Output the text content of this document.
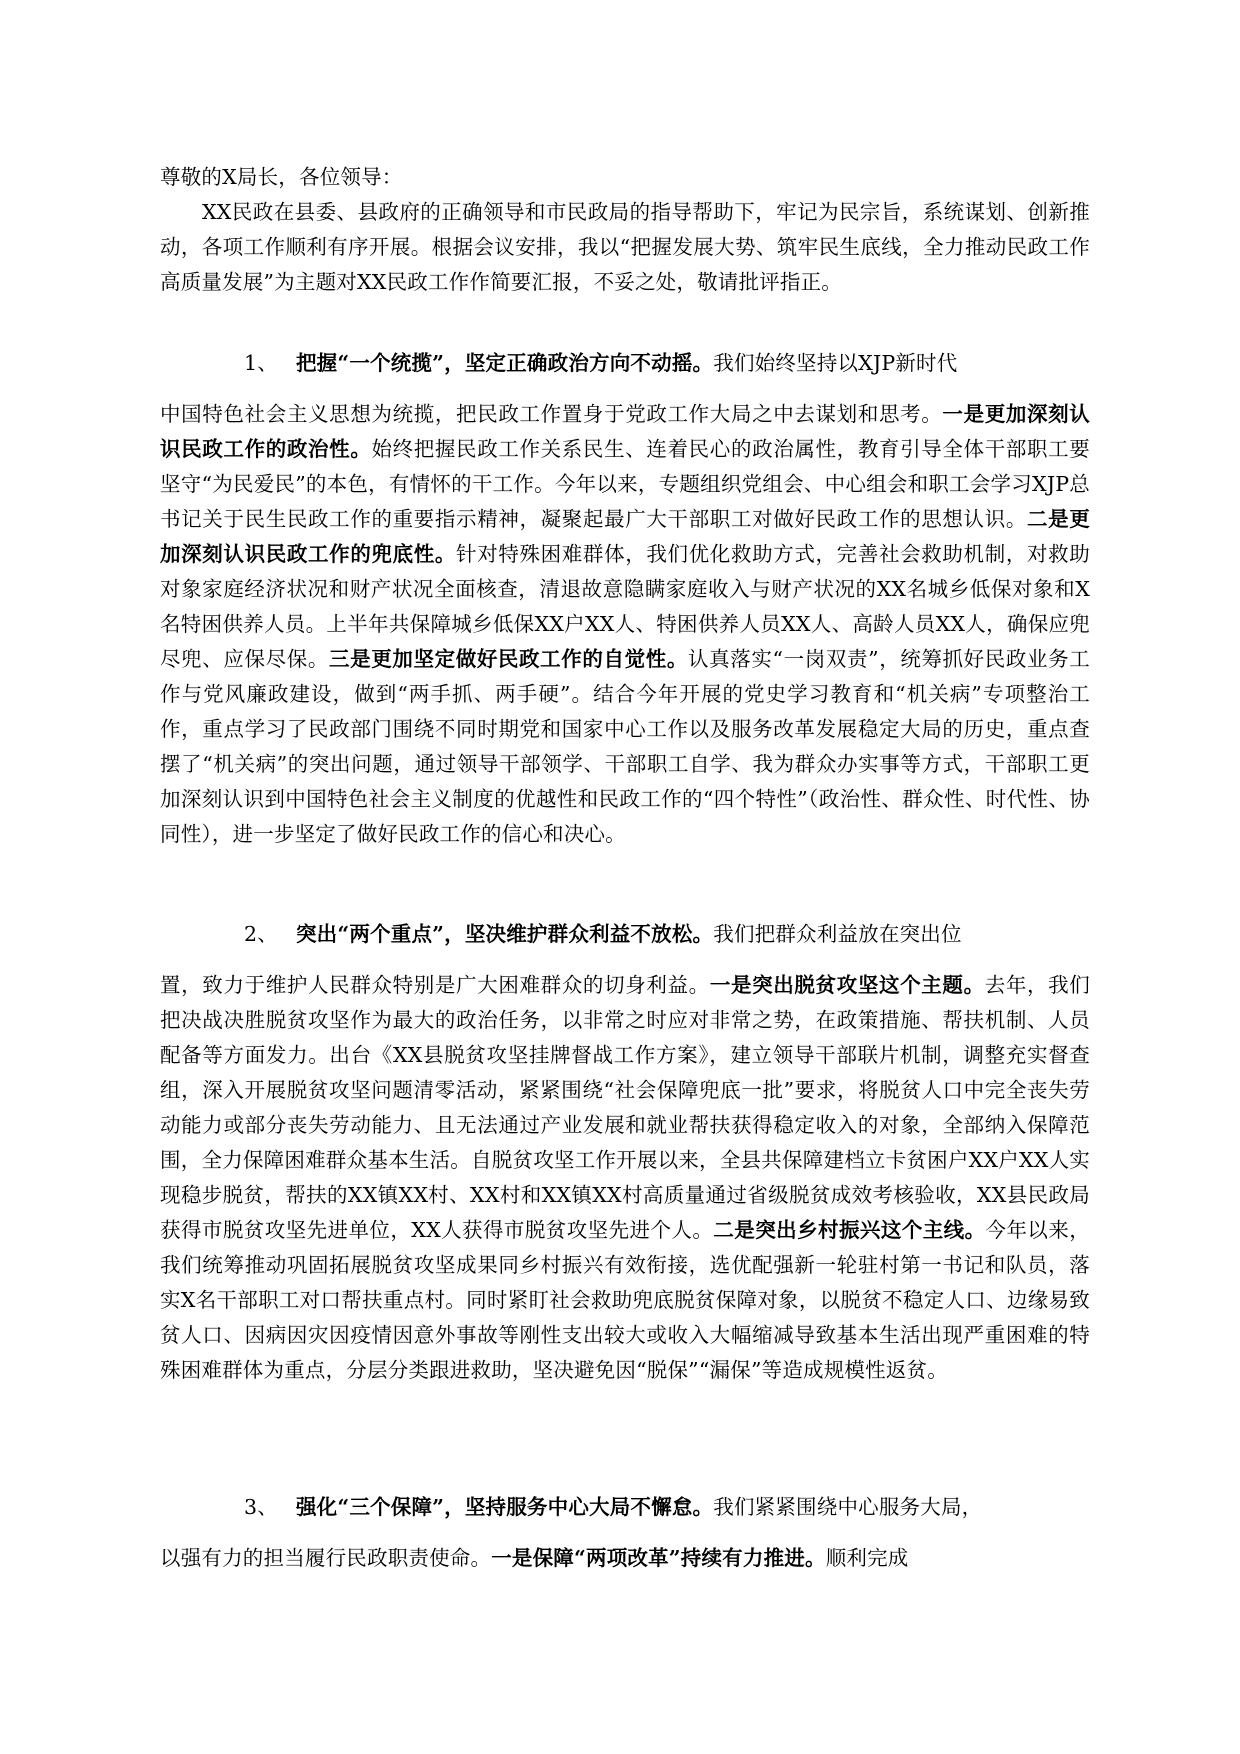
尊敬的X局长，各位领导：
XX民政在县委、县政府的正确领导和市民政局的指导帮助下，牢记为民宗旨，系统谋划、创新推动，各项工作顺利有序开展。根据会议安排，我以“把握发展大势、筑牢民生底线，全力推动民政工作高质量发展”为主题对XX民政工作作简要汇报，不妥之处，敬请批评指正。
1、 把握“一个统揽”，坚定正确政治方向不动摇。我们始终坚持以XJP新时代
中国特色社会主义思想为统揽，把民政工作置身于党政工作大局之中去谋划和思考。一是更加深刻认识民政工作的政治性。始终把握民政工作关系民生、连着民心的政治属性，教育引导全体干部职工要坚守“为民爱民”的本色，有情怀的干工作。今年以来，专题组织党组会、中心组会和职工会学习XJP总书记关于民生民政工作的重要指示精神，凝聚起最广大干部职工对做好民政工作的思想认识。二是更加深刻认识民政工作的兜底性。针对特殊困难群体，我们优化救助方式，完善社会救助机制，对救助对象家庭经济状况和财产状况全面核查，清退故意隐瞒家庭收入与财产状况的XX名城乡低保对象和X名特困供养人员。上半年共保障城乡低保XX户XX人、特困供养人员XX人、高龄人员XX人，确保应兜尽兜、应保尽保。三是更加坚定做好民政工作的自觉性。认真落实“一岗双责”，统筹抓好民政业务工作与党风廉政建设，做到“两手抓、两手硬”。结合今年开展的党史学习教育和“机关病”专项整治工作，重点学习了民政部门围绕不同时期党和国家中心工作以及服务改革发展稳定大局的历史，重点查摆了“机关病”的突出问题，通过领导干部领学、干部职工自学、我为群众办实事等方式，干部职工更加深刻认识到中国特色社会主义制度的优越性和民政工作的“四个特性”（政治性、群众性、时代性、协同性），进一步坚定了做好民政工作的信心和决心。
2、 突出“两个重点”，坚决维护群众利益不放松。我们把群众利益放在突出位
置，致力于维护人民群众特别是广大困难群众的切身利益。一是突出脱贫攻坚这个主题。去年，我们把决战决胜脱贫攻坚作为最大的政治任务，以非常之时应对非常之势，在政策措施、帮扶机制、人员配备等方面发力。出台《XX县脱贫攻坚挂牌督战工作方案》，建立领导干部联片机制，调整充实督查组，深入开展脱贫攻坚问题清零活动，紧紧围绕“社会保障兜底一批”要求，将脱贫人口中完全丧失劳动能力或部分丧失劳动能力、且无法通过产业发展和就业帮扶获得稳定收入的对象，全部纳入保障范围，全力保障困难群众基本生活。自脱贫攻坚工作开展以来，全县共保障建档立卡贫困户XX户XX人实现稳步脱贫，帮扶的XX镇XX村、XX村和XX镇XX村高质量通过省级脱贫成效考核验收，XX县民政局获得市脱贫攻坚先进单位，XX人获得市脱贫攻坚先进个人。二是突出乡村振兴这个主线。今年以来，我们统筹推动巩固拓展脱贫攻坚成果同乡村振兴有效衔接，选优配强新一轮驻村第一书记和队员，落实X名干部职工对口帮扶重点村。同时紧盯社会救助兜底脱贫保障对象，以脱贫不稳定人口、边缘易致贫人口、因病因灾因疫情因意外事故等刚性支出较大或收入大幅缩减导致基本生活出现严重困难的特殊困难群体为重点，分层分类跟进救助，坚决避免因“脱保”“漏保”等造成规模性返贫。
3、 强化“三个保障”，坚持服务中心大局不懈怠。我们紧紧围绕中心服务大局，
以强有力的担当履行民政职责使命。一是保障“两项改革”持续有力推进。顺利完成
